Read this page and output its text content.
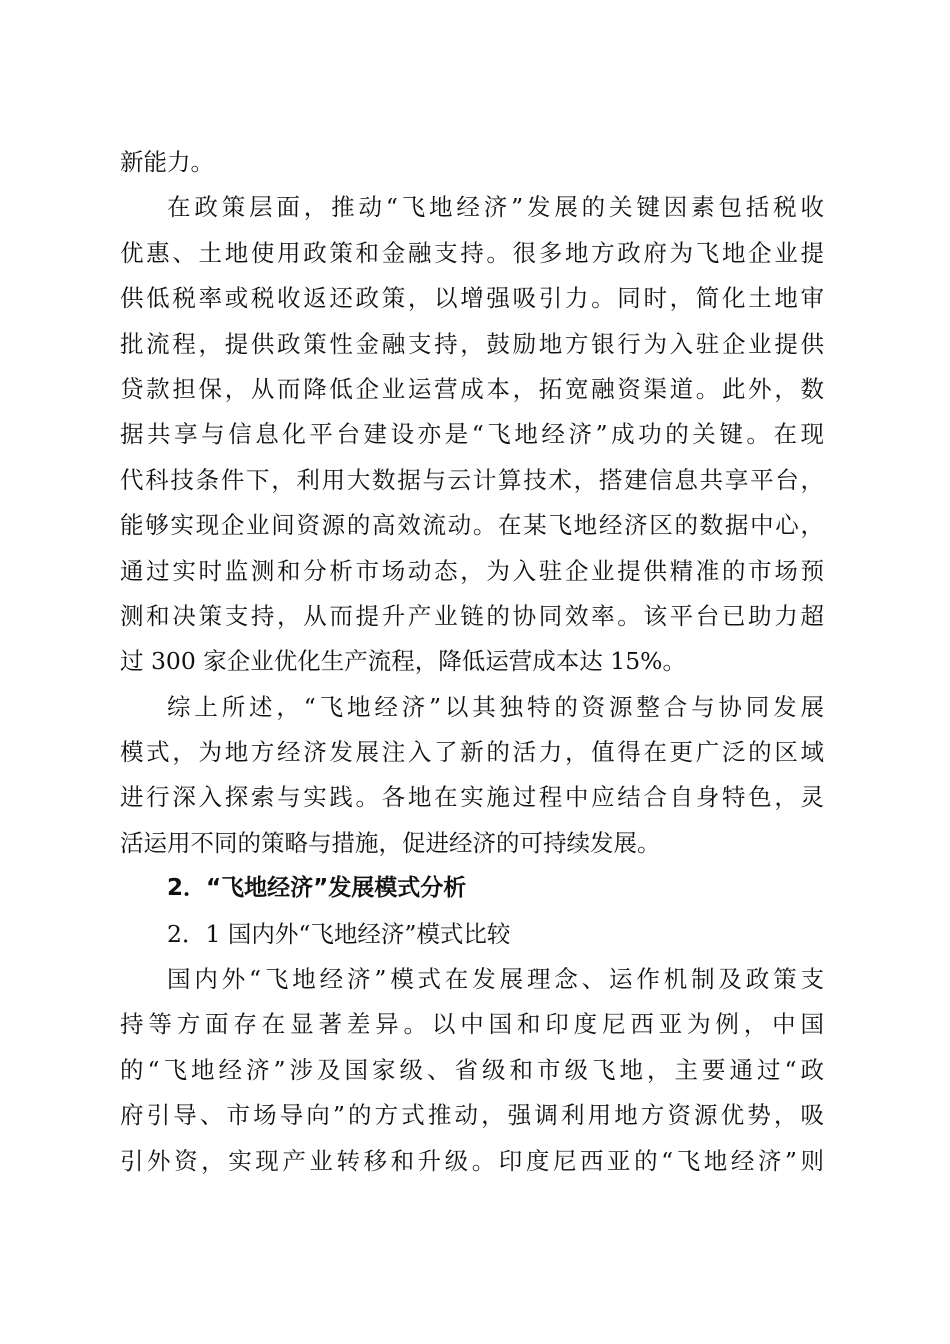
新能力。
在政策层面，推动“飞地经济”发展的关键因素包括税收
优惠、土地使用政策和金融支持。很多地方政府为飞地企业提
供低税率或税收返还政策，以增强吸引力。同时，简化土地审
批流程，提供政策性金融支持，鼓励地方银行为入驻企业提供
贷款担保，从而降低企业运营成本，拓宽融资渠道。此外，数
据共享与信息化平台建设亦是“飞地经济”成功的关键。在现
代科技条件下，利用大数据与云计算技术，搭建信息共享平台，
能够实现企业间资源的高效流动。在某飞地经济区的数据中心，
通过实时监测和分析市场动态，为入驻企业提供精准的市场预
测和决策支持，从而提升产业链的协同效率。该平台已助力超
过 300 家企业优化生产流程，降低运营成本达 15%。
综上所述，“飞地经济”以其独特的资源整合与协同发展
模式，为地方经济发展注入了新的活力，值得在更广泛的区域
进行深入探索与实践。各地在实施过程中应结合自身特色，灵
活运用不同的策略与措施，促进经济的可持续发展。
2．“飞地经济”发展模式分析
2．1 国内外“飞地经济”模式比较
国内外“飞地经济”模式在发展理念、运作机制及政策支
持等方面存在显著差异。以中国和印度尼西亚为例，中国
的“飞地经济”涉及国家级、省级和市级飞地，主要通过“政
府引导、市场导向”的方式推动，强调利用地方资源优势，吸
引外资，实现产业转移和升级。印度尼西亚的“飞地经济”则
